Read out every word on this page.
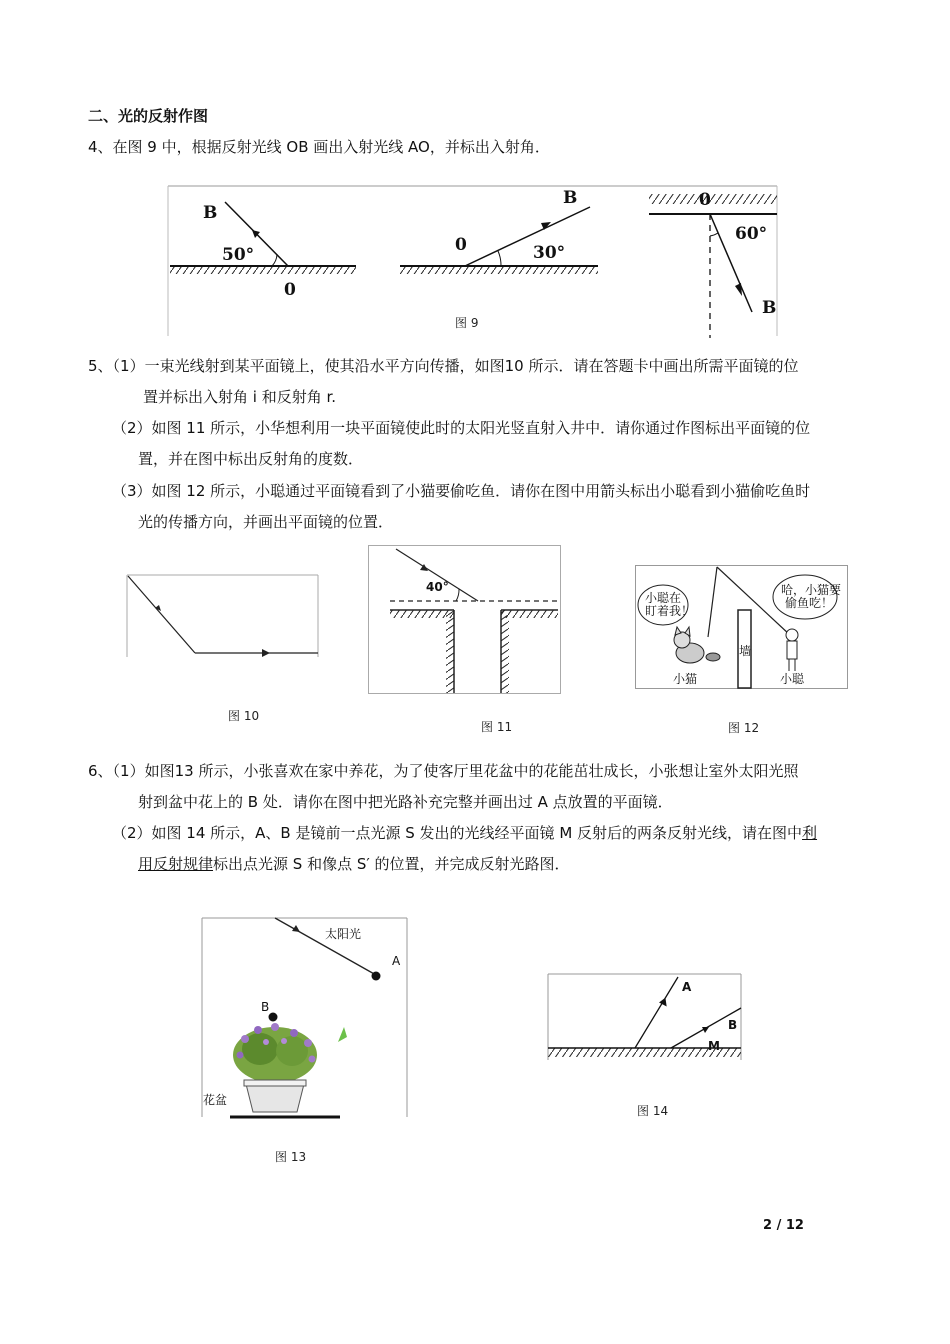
二、光的反射作图
4、在图 9 中，根据反射光线 OB 画出入射光线 AO，并标出入射角．
B
50°
0
0
B
30°
0
60°
B
图 9
5、（1）一束光线射到某平面镜上，使其沿水平方向传播，如图10 所示．请在答题卡中画出所需平面镜的位
置并标出入射角 i 和反射角 r.
（2）如图 11 所示，小华想利用一块平面镜使此时的太阳光竖直射入井中．请你通过作图标出平面镜的位
置，并在图中标出反射角的度数．
（3）如图 12 所示，小聪通过平面镜看到了小猫要偷吃鱼．请你在图中用箭头标出小聪看到小猫偷吃鱼时
光的传播方向，并画出平面镜的位置．
图 10
40°
图 11
小聪在
盯着我！
小猫
墙
哈，小猫要
偷鱼吃！
小聪
图 12
6、（1）如图13 所示，小张喜欢在家中养花，为了使客厅里花盆中的花能茁壮成长，小张想让室外太阳光照
射到盆中花上的 B 处．请你在图中把光路补充完整并画出过 A 点放置的平面镜．
（2）如图 14 所示，A、B 是镜前一点光源 S 发出的光线经平面镜 M 反射后的两条反射光线，请在图中利
用反射规律标出点光源 S 和像点 S′ 的位置，并完成反射光路图．
太阳光
A
B
花盆
图 13
A
B
M
图 14
2 / 12
